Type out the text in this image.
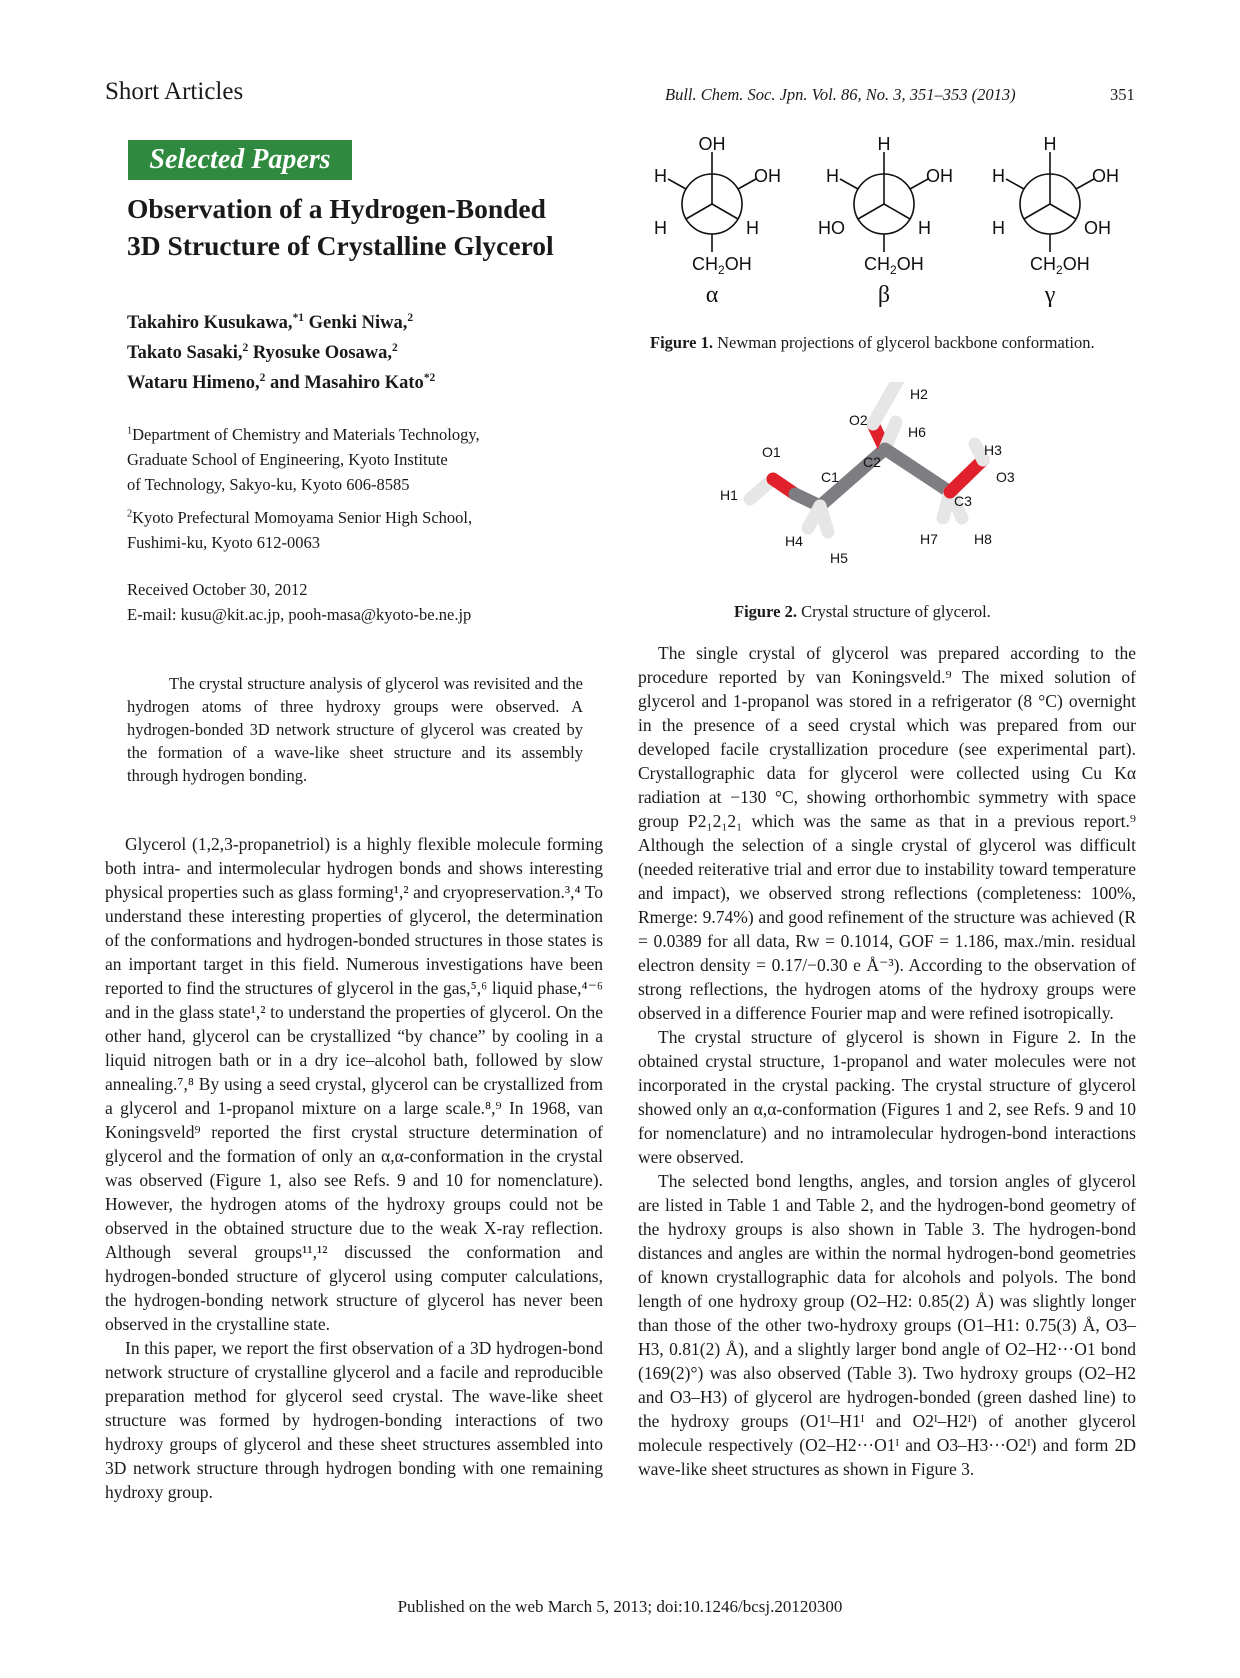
Short Articles	Bull. Chem. Soc. Jpn. Vol. 86, No. 3, 351–353 (2013)	351
Selected Papers
Observation of a Hydrogen-Bonded
3D Structure of Crystalline Glycerol
Takahiro Kusukawa,$^{*1}$ Genki Niwa,$^2$
Takato Sasaki,$^2$ Ryosuke Oosawa,$^2$
Wataru Himeno,$^2$ and Masahiro Kato$^{*2}$
$^1$Department of Chemistry and Materials Technology,
Graduate School of Engineering, Kyoto Institute
of Technology, Sakyo-ku, Kyoto 606-8585
$^2$Kyoto Prefectural Momoyama Senior High School,
Fushimi-ku, Kyoto 612-0063
Received October 30, 2012
E-mail: kusu@kit.ac.jp, pooh-masa@kyoto-be.ne.jp
The crystal structure analysis of glycerol was revisited and the hydrogen atoms of three hydroxy groups were observed. A hydrogen-bonded 3D network structure of glycerol was created by the formation of a wave-like sheet structure and its assembly through hydrogen bonding.

Glycerol (1,2,3-propanetriol) is a highly flexible molecule forming both intra- and intermolecular hydrogen bonds and shows interesting physical properties such as glass forming¹,² and cryopreservation.³,⁴ To understand these interesting properties of glycerol, the determination of the conformations and hydrogen-bonded structures in those states is an important target in this field. Numerous investigations have been reported to find the structures of glycerol in the gas,⁵,⁶ liquid phase,⁴⁻⁶ and in the glass state¹,² to understand the properties of glycerol. On the other hand, glycerol can be crystallized “by chance” by cooling in a liquid nitrogen bath or in a dry ice–alcohol bath, followed by slow annealing.⁷,⁸ By using a seed crystal, glycerol can be crystallized from a glycerol and 1-propanol mixture on a large scale.⁸,⁹ In 1968, van Koningsveld⁹ reported the first crystal structure determination of glycerol and the formation of only an α,α-conformation in the crystal was observed (Figure 1, also see Refs. 9 and 10 for nomenclature). However, the hydrogen atoms of the hydroxy groups could not be observed in the obtained structure due to the weak X-ray reflection. Although several groups¹¹,¹² discussed the conformation and hydrogen-bonded structure of glycerol using computer calculations, the hydrogen-bonding network structure of glycerol has never been observed in the crystalline state.

In this paper, we report the first observation of a 3D hydrogen-bond network structure of crystalline glycerol and a facile and reproducible preparation method for glycerol seed crystal. The wave-like sheet structure was formed by hydrogen-bonding interactions of two hydroxy groups of glycerol and these sheet structures assembled into 3D network structure through hydrogen bonding with one remaining hydroxy group.

OH
H	OH
H	H
$CH_2OH$
α
H
H	OH
HO	H
$CH_2OH$
β
H
H	OH
H	OH
$CH_2OH$
γ
Figure 1. Newman projections of glycerol backbone conformation.
H1
O1
C1
H4
H5
O2
H2
C2
H6
C3
H7	H8
H3
O3
Figure 2. Crystal structure of glycerol.

The single crystal of glycerol was prepared according to the procedure reported by van Koningsveld.⁹ The mixed solution of glycerol and 1-propanol was stored in a refrigerator (8 °C) overnight in the presence of a seed crystal which was prepared from our developed facile crystallization procedure (see experimental part). Crystallographic data for glycerol were collected using Cu Kα radiation at −130 °C, showing orthorhombic symmetry with space group P2₁2₁2₁ which was the same as that in a previous report.⁹ Although the selection of a single crystal of glycerol was difficult (needed reiterative trial and error due to instability toward temperature and impact), we observed strong reflections (completeness: 100%, Rmerge: 9.74%) and good refinement of the structure was achieved (R = 0.0389 for all data, Rw = 0.1014, GOF = 1.186, max./min. residual electron density = 0.17/−0.30 e Å⁻³). According to the observation of strong reflections, the hydrogen atoms of the hydroxy groups were observed in a difference Fourier map and were refined isotropically.

The crystal structure of glycerol is shown in Figure 2. In the obtained crystal structure, 1-propanol and water molecules were not incorporated in the crystal packing. The crystal structure of glycerol showed only an α,α-conformation (Figures 1 and 2, see Refs. 9 and 10 for nomenclature) and no intramolecular hydrogen-bond interactions were observed.

The selected bond lengths, angles, and torsion angles of glycerol are listed in Table 1 and Table 2, and the hydrogen-bond geometry of the hydroxy groups is also shown in Table 3. The hydrogen-bond distances and angles are within the normal hydrogen-bond geometries of known crystallographic data for alcohols and polyols. The bond length of one hydroxy group (O2–H2: 0.85(2) Å) was slightly longer than those of the other two-hydroxy groups (O1–H1: 0.75(3) Å, O3–H3, 0.81(2) Å), and a slightly larger bond angle of O2–H2···O1 bond (169(2)°) was also observed (Table 3). Two hydroxy groups (O2–H2 and O3–H3) of glycerol are hydrogen-bonded (green dashed line) to the hydroxy groups (O1ᴵ–H1ᴵ and O2ᴵ–H2ᴵ) of another glycerol molecule respectively (O2–H2···O1ᴵ and O3–H3···O2ᴵ) and form 2D wave-like sheet structures as shown in Figure 3.

Published on the web March 5, 2013; doi:10.1246/bcsj.20120300
